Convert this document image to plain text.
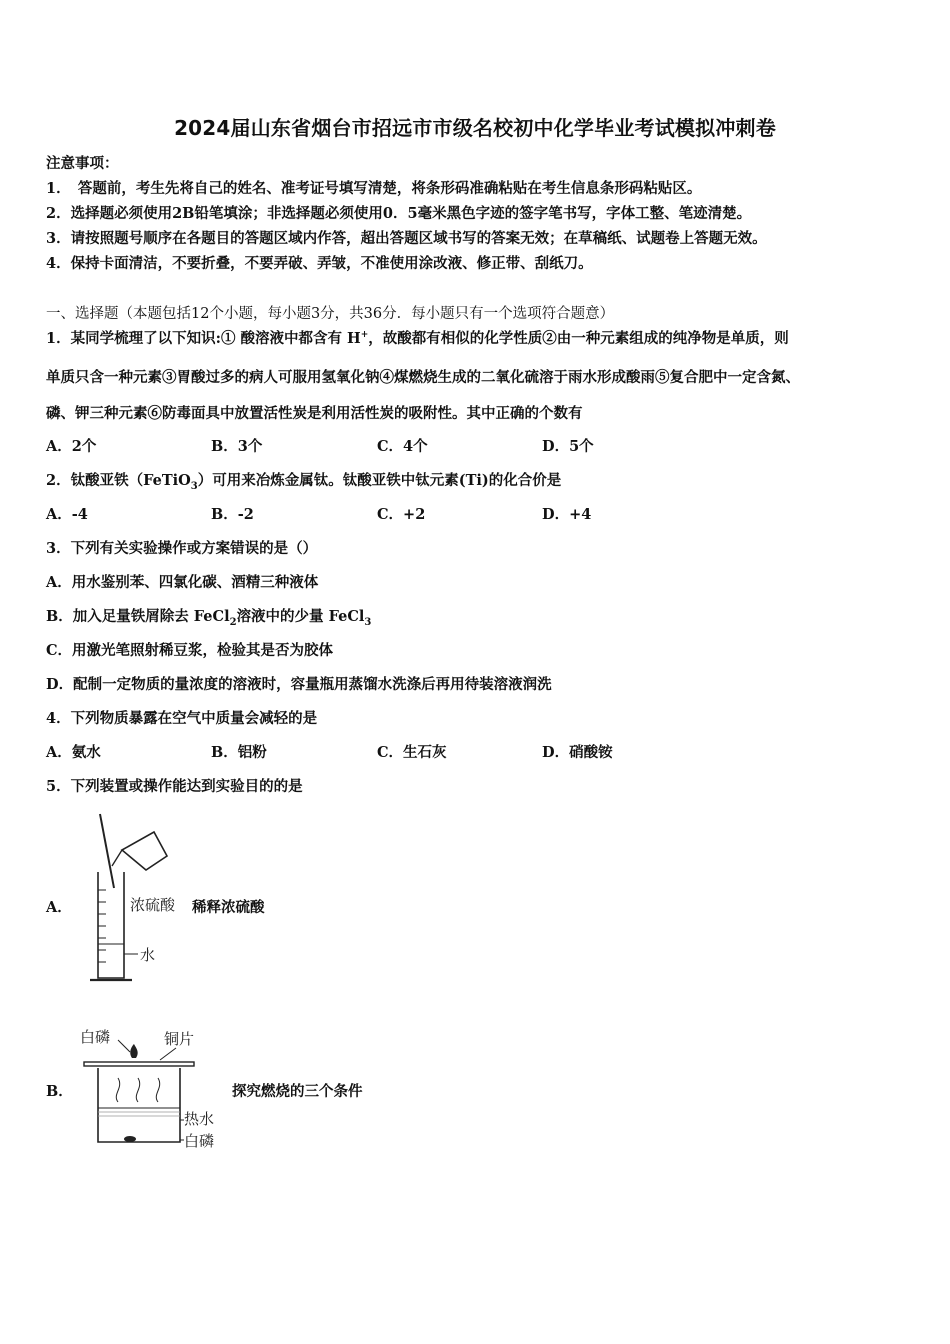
2024届山东省烟台市招远市市级名校初中化学毕业考试模拟冲刺卷
注意事项：
1．　答题前，考生先将自己的姓名、准考证号填写清楚，将条形码准确粘贴在考生信息条形码粘贴区。
2．选择题必须使用2B铅笔填涂；非选择题必须使用0．5毫米黑色字迹的签字笔书写，字体工整、笔迹清楚。
3．请按照题号顺序在各题目的答题区域内作答，超出答题区域书写的答案无效；在草稿纸、试题卷上答题无效。
4．保持卡面清洁，不要折叠，不要弄破、弄皱，不准使用涂改液、修正带、刮纸刀。
一、选择题（本题包括12个小题，每小题3分，共36分．每小题只有一个选项符合题意）
1．某同学梳理了以下知识:① 酸溶液中都含有 H+，故酸都有相似的化学性质②由一种元素组成的纯净物是单质，则
单质只含一种元素③胃酸过多的病人可服用氢氧化钠④煤燃烧生成的二氧化硫溶于雨水形成酸雨⑤复合肥中一定含氮、
磷、钾三种元素⑥防毒面具中放置活性炭是利用活性炭的吸附性。其中正确的个数有
A．2个	B．3个	C．4个	D．5个
2．钛酸亚铁（FeTiO$_3$）可用来冶炼金属钛。钛酸亚铁中钛元素(Ti)的化合价是
A．-4	B．-2	C．+2	D．+4
3．下列有关实验操作或方案错误的是（）
A．用水鉴别苯、四氯化碳、酒精三种液体
B．加入足量铁屑除去 FeCl$_2$溶液中的少量 FeCl$_3$
C．用激光笔照射稀豆浆，检验其是否为胶体
D．配制一定物质的量浓度的溶液时，容量瓶用蒸馏水洗涤后再用待装溶液润洗
4．下列物质暴露在空气中质量会减轻的是
A．氨水	B．铝粉	C．生石灰	D．硝酸铵
5．下列装置或操作能达到实验目的的是
A．	浓硫酸
水
稀释浓硫酸
B．
白磷	铜片
热水
白磷
探究燃烧的三个条件
